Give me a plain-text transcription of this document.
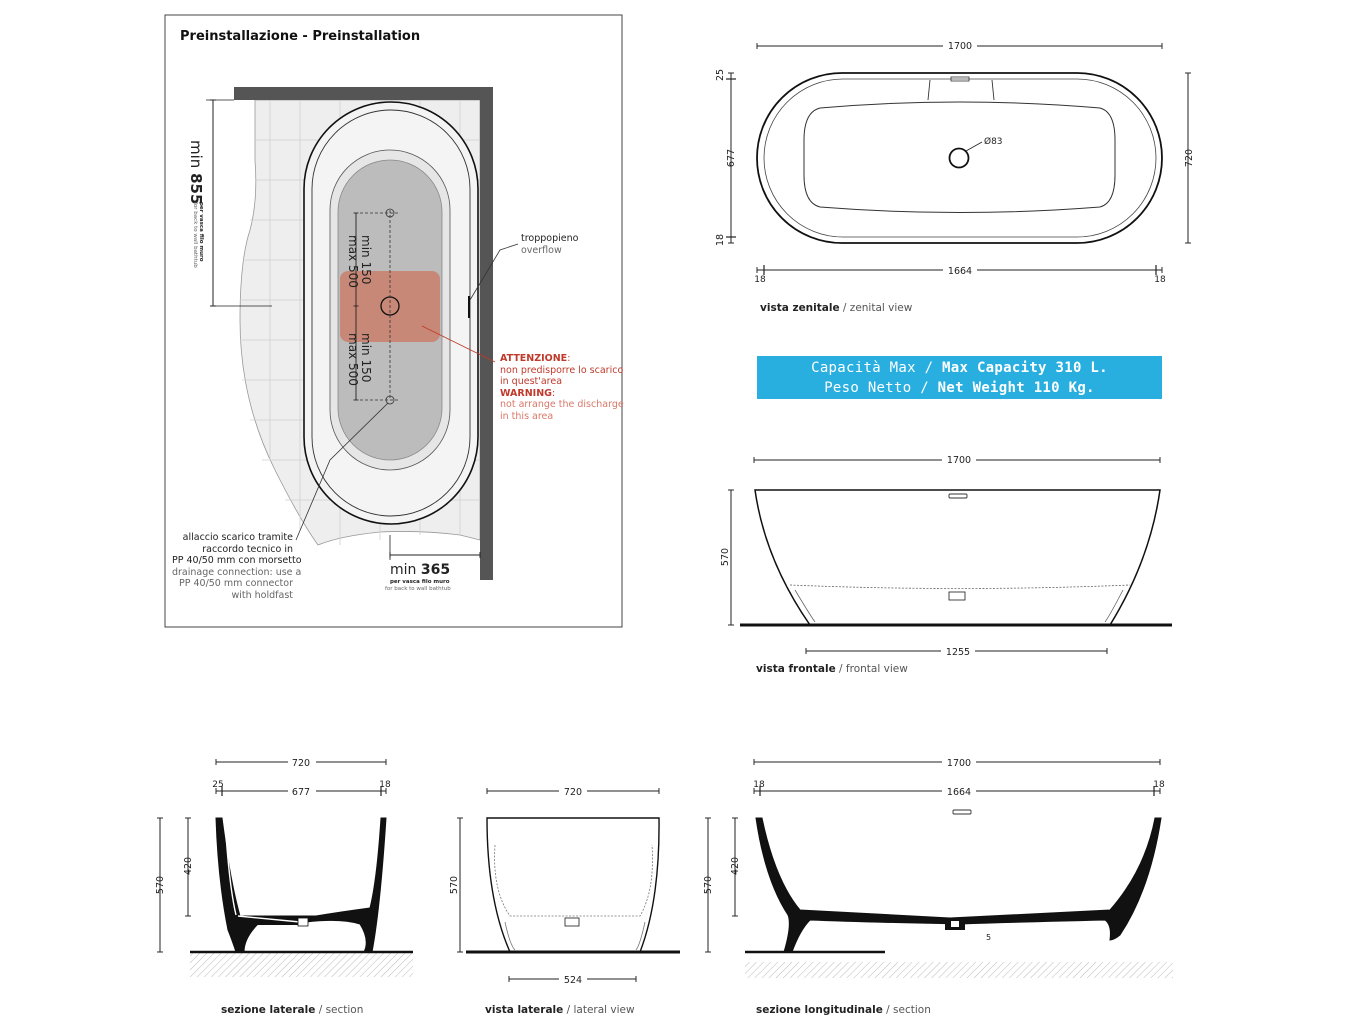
Preinstallazione - Preinstallation
min 150
max 500
min 150
max 500
min 855
per vasca filo muro
for back to wall bathtub
min 365
per vasca filo muro
for back to wall bathtub
1700
Ø83
720
25
677
18
1664
18	18
1700
570
1255
720
677
25	18
570
420
720
570
524
1700
1664
18	18
5
570
420
troppopieno
overflow
ATTENZIONE:
non predisporre lo scarico
in quest'area
WARNING:
not arrange the discharge
in this area
allaccio scarico tramite
raccordo tecnico in
PP 40/50 mm con morsetto
drainage connection: use a
PP 40/50 mm connector
with holdfast
Capacità Max / Max Capacity 310 L.
Peso Netto / Net Weight 110 Kg.
vista zenitale / zenital view
vista frontale / frontal view
sezione laterale / section	vista laterale / lateral view	sezione longitudinale / section
